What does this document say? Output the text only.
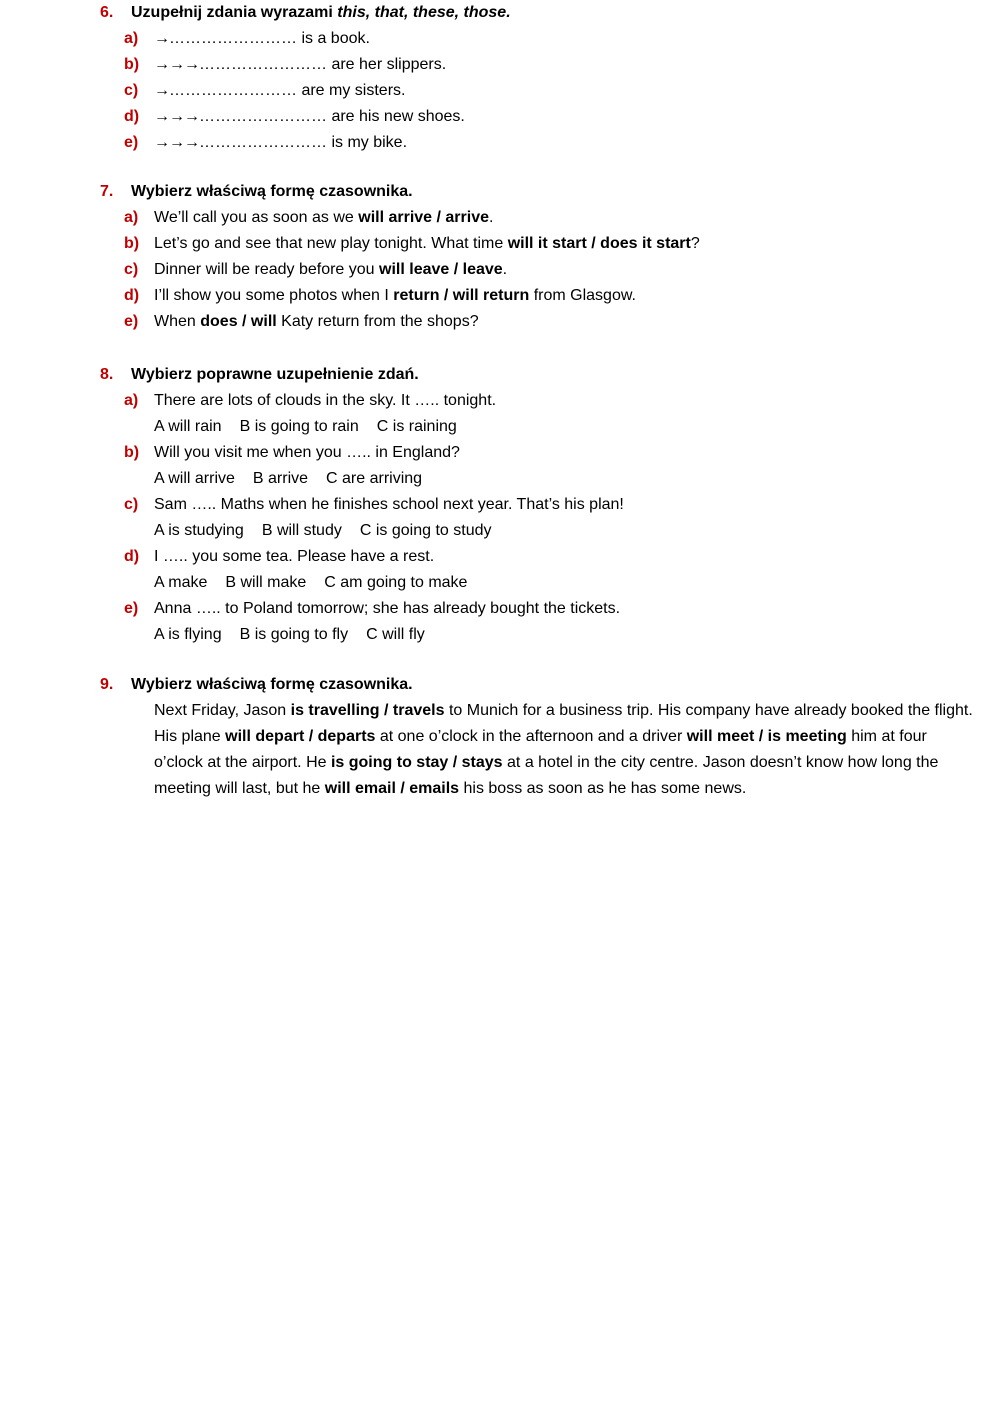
6. Uzupełnij zdania wyrazami this, that, these, those.
a) →…………………… is a book.
b) →→→…………………… are her slippers.
c) →…………………… are my sisters.
d) →→→…………………… are his new shoes.
e) →→→…………………… is my bike.
7. Wybierz właściwą formę czasownika.
a) We’ll call you as soon as we will arrive / arrive.
b) Let’s go and see that new play tonight. What time will it start / does it start?
c) Dinner will be ready before you will leave / leave.
d) I’ll show you some photos when I return / will return from Glasgow.
e) When does / will Katy return from the shops?
8. Wybierz poprawne uzupełnienie zdań.
a) There are lots of clouds in the sky. It ….. tonight.
A will rain B is going to rain C is raining
b) Will you visit me when you ….. in England?
A will arrive B arrive C are arriving
c) Sam ….. Maths when he finishes school next year. That’s his plan!
A is studying B will study C is going to study
d) I ….. you some tea. Please have a rest.
A make B will make C am going to make
e) Anna ….. to Poland tomorrow; she has already bought the tickets.
A is flying B is going to fly C will fly
9. Wybierz właściwą formę czasownika.
Next Friday, Jason is travelling / travels to Munich for a business trip. His company have already booked the flight. His plane will depart / departs at one o’clock in the afternoon and a driver will meet / is meeting him at four o’clock at the airport. He is going to stay / stays at a hotel in the city centre. Jason doesn’t know how long the meeting will last, but he will email / emails his boss as soon as he has some news.
